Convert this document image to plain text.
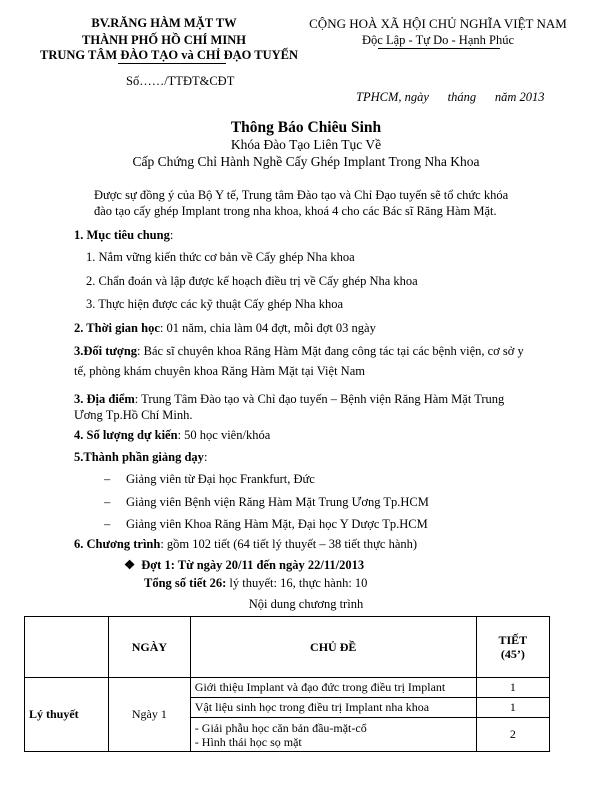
BV.RĂNG HÀM MẶT TW
THÀNH PHỐ HỒ CHÍ MINH
TRUNG TÂM ĐÀO TẠO và CHỈ ĐẠO TUYẾN
Số……/TTĐT&CĐT
CỘNG HOÀ XÃ HỘI CHỦ NGHĨA VIỆT NAM
Độc Lập - Tự Do - Hạnh Phúc
TPHCM, ngày      tháng      năm 2013
Thông Báo Chiêu Sinh
Khóa Đào Tạo Liên Tục Về
Cấp Chứng Chỉ Hành Nghề Cấy Ghép Implant Trong Nha Khoa
Được sự đồng ý của Bộ Y tế, Trung tâm Đào tạo và Chỉ Đạo tuyến sẽ tổ chức khóa
đào tạo cấy ghép Implant trong nha khoa, khoá 4 cho các Bác sĩ Răng Hàm Mặt.
1. Mục tiêu chung:
1. Nắm vững kiến thức cơ bản về Cấy ghép Nha khoa
2. Chẩn đoán và lập được kế hoạch điều trị về Cấy ghép Nha khoa
3. Thực hiện được các kỹ thuật Cấy ghép Nha khoa
2. Thời gian học: 01 năm, chia làm 04 đợt, mỗi đợt 03 ngày
3.Đối tượng: Bác sĩ chuyên khoa Răng Hàm Mặt đang công tác tại các bệnh viện, cơ sở y
tế, phòng khám chuyên khoa Răng Hàm Mặt tại Việt Nam
3. Địa điểm: Trung Tâm Đào tạo và Chỉ đạo tuyến – Bệnh viện Răng Hàm Mặt Trung
Ương Tp.Hồ Chí Minh.
4. Số lượng dự kiến: 50 học viên/khóa
5.Thành phần giảng dạy:
– Giảng viên từ Đại học Frankfurt, Đức
– Giảng viên Bệnh viện Răng Hàm Mặt Trung Ương Tp.HCM
– Giảng viên Khoa Răng Hàm Mặt, Đại học Y Dược Tp.HCM
6. Chương trình: gồm 102 tiết (64 tiết lý thuyết – 38 tiết thực hành)
❖ Đợt 1: Từ ngày 20/11 đến ngày 22/11/2013
Tổng số tiết 26: lý thuyết: 16, thực hành: 10
Nội dung chương trình
	NGÀY	CHỦ ĐỀ	TIẾT
(45’)

Lý thuyết	Ngày 1	Giới thiệu Implant và đạo đức trong điều trị Implant	1
		Vật liệu sinh học trong điều trị Implant nha khoa	1

		- Giải phẫu học căn bản đầu-mặt-cổ
- Hình thái học sọ mặt	2
